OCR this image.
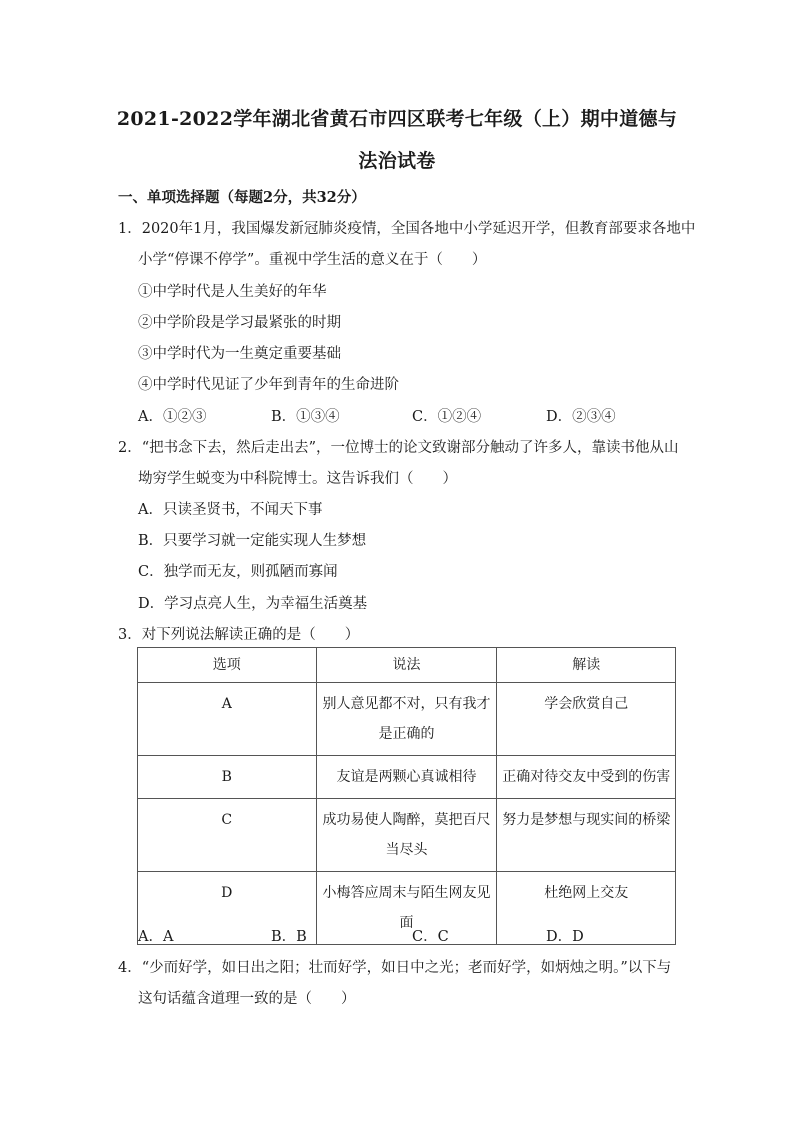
2021-2022学年湖北省黄石市四区联考七年级（上）期中道德与
法治试卷
一、单项选择题（每题2分，共32分）
1．2020年1月，我国爆发新冠肺炎疫情，全国各地中小学延迟开学，但教育部要求各地中
小学“停课不停学”。重视中学生活的意义在于（　　）
①中学时代是人生美好的年华
②中学阶段是学习最紧张的时期
③中学时代为一生奠定重要基础
④中学时代见证了少年到青年的生命进阶
A．①②③	B．①③④	C．①②④	D．②③④
2．“把书念下去，然后走出去”，一位博士的论文致谢部分触动了许多人，靠读书他从山
坳穷学生蜕变为中科院博士。这告诉我们（　　）
A．只读圣贤书，不闻天下事
B．只要学习就一定能实现人生梦想
C．独学而无友，则孤陋而寡闻
D．学习点亮人生，为幸福生活奠基
3．对下列说法解读正确的是（　　）
选项	说法	解读
A	别人意见都不对，只有我才是正确的	学会欣赏自己
B	友谊是两颗心真诚相待	正确对待交友中受到的伤害
C	成功易使人陶醉，莫把百尺当尽头	努力是梦想与现实间的桥梁
D	小梅答应周末与陌生网友见面	杜绝网上交友
A．A	B．B	C．C	D．D
4．“少而好学，如日出之阳；壮而好学，如日中之光；老而好学，如炳烛之明。”以下与
这句话蕴含道理一致的是（　　）
